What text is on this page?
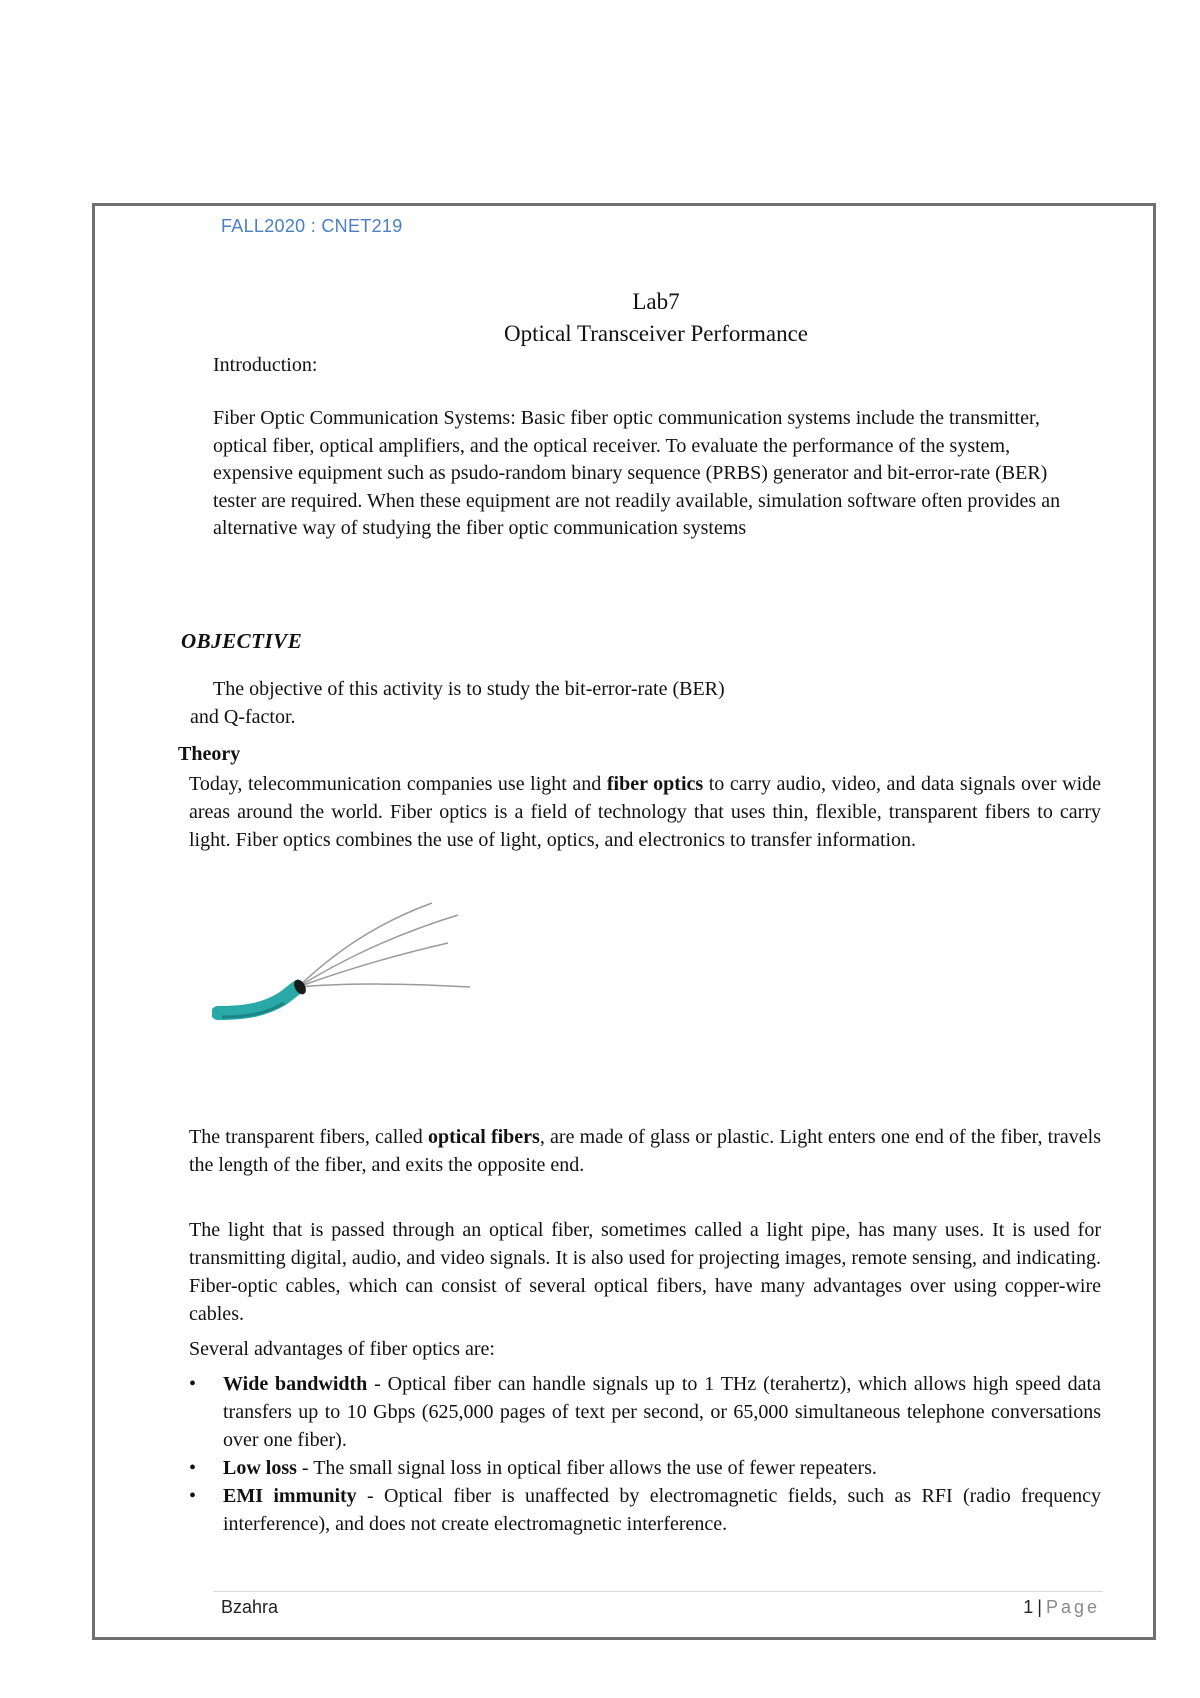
FALL2020 : CNET219
Lab7
Optical Transceiver Performance
Introduction:
Fiber Optic Communication Systems: Basic fiber optic communication systems include the transmitter, optical fiber, optical amplifiers, and the optical receiver. To evaluate the performance of the system, expensive equipment such as psudo-random binary sequence (PRBS) generator and bit-error-rate (BER) tester are required. When these equipment are not readily available, simulation software often provides an alternative way of studying the fiber optic communication systems
OBJECTIVE
The objective of this activity is to study the bit-error-rate (BER)
and Q-factor.
Theory
Today, telecommunication companies use light and fiber optics to carry audio, video, and data signals over wide areas around the world. Fiber optics is a field of technology that uses thin, flexible, transparent fibers to carry light. Fiber optics combines the use of light, optics, and electronics to transfer information.
The transparent fibers, called optical fibers, are made of glass or plastic. Light enters one end of the fiber, travels the length of the fiber, and exits the opposite end.
The light that is passed through an optical fiber, sometimes called a light pipe, has many uses. It is used for transmitting digital, audio, and video signals. It is also used for projecting images, remote sensing, and indicating. Fiber-optic cables, which can consist of several optical fibers, have many advantages over using copper-wire cables.
Several advantages of fiber optics are:
• Wide bandwidth - Optical fiber can handle signals up to 1 THz (terahertz), which allows high speed data transfers up to 10 Gbps (625,000 pages of text per second, or 65,000 simultaneous telephone conversations over one fiber).
• Low loss - The small signal loss in optical fiber allows the use of fewer repeaters.
• EMI immunity - Optical fiber is unaffected by electromagnetic fields, such as RFI (radio frequency interference), and does not create electromagnetic interference.
Bzahra	1 | Page
